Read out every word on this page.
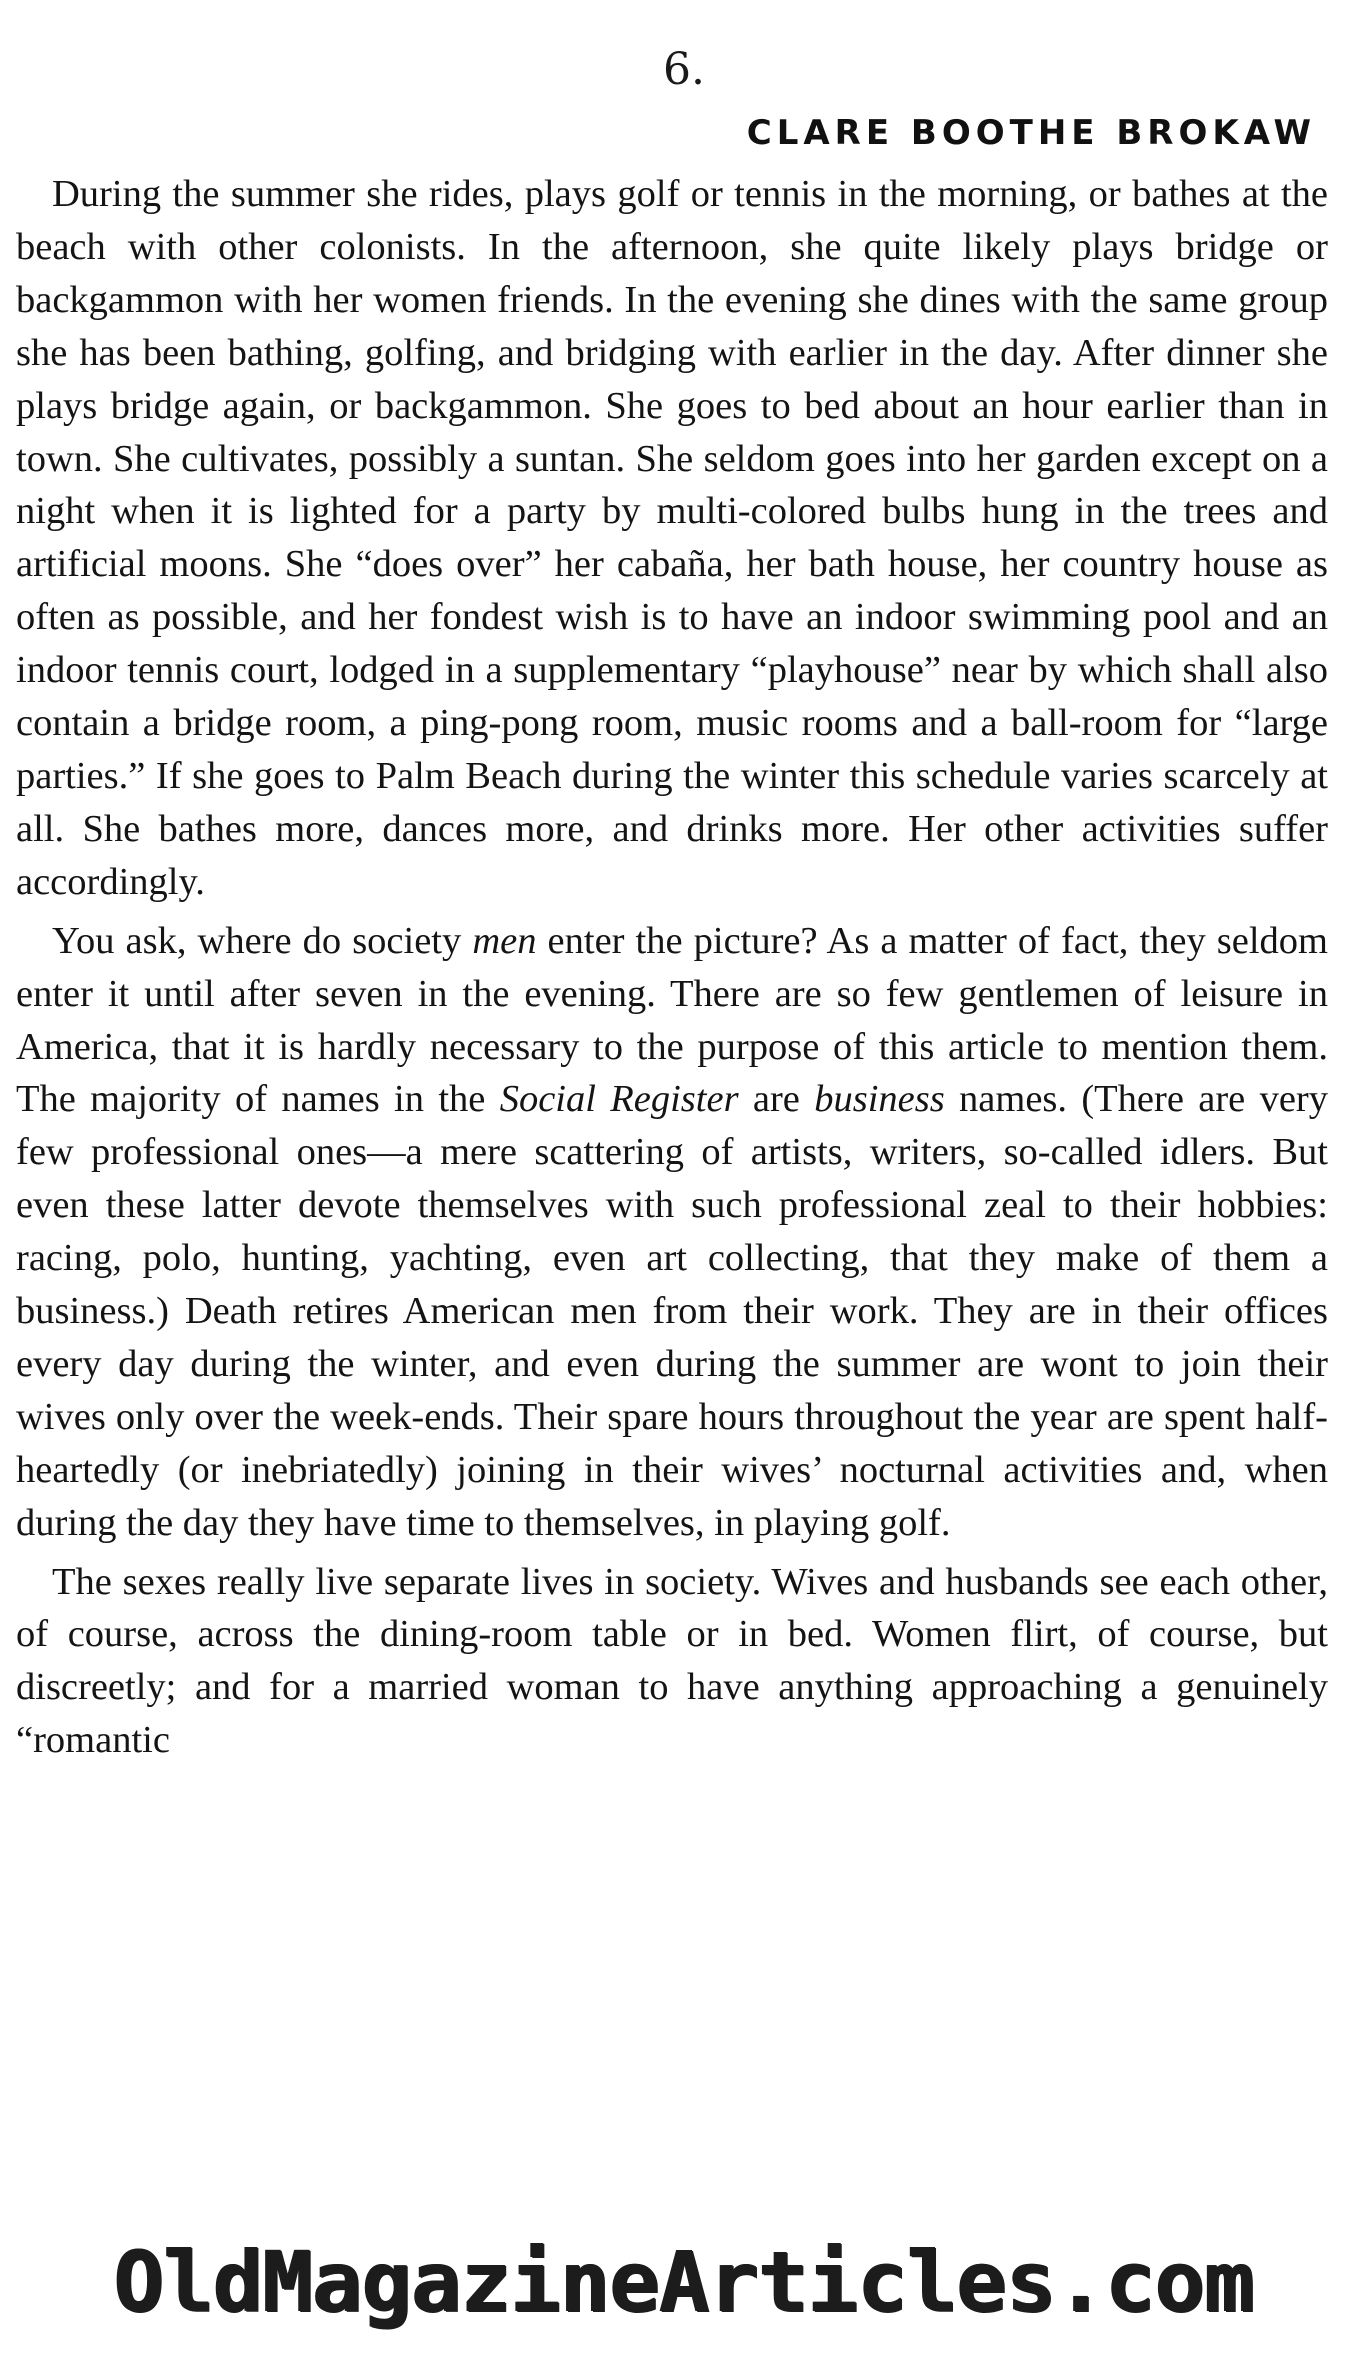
6.
CLARE BOOTHE BROKAW

During the summer she rides, plays golf or tennis in the morning, or bathes at the beach with other colonists. In the afternoon, she quite likely plays bridge or backgammon with her women friends. In the evening she dines with the same group she has been bathing, golfing, and bridging with earlier in the day. After dinner she plays bridge again, or backgammon. She goes to bed about an hour earlier than in town. She cultivates, possibly a suntan. She seldom goes into her garden except on a night when it is lighted for a party by multi-colored bulbs hung in the trees and artificial moons. She “does over” her cabaña, her bath house, her country house as often as possible, and her fondest wish is to have an indoor swimming pool and an indoor tennis court, lodged in a supplementary “playhouse” near by which shall also contain a bridge room, a ping-pong room, music rooms and a ball-room for “large parties.” If she goes to Palm Beach during the winter this schedule varies scarcely at all. She bathes more, dances more, and drinks more. Her other activities suffer accordingly.

You ask, where do society men enter the picture? As a matter of fact, they seldom enter it until after seven in the evening. There are so few gentlemen of leisure in America, that it is hardly necessary to the purpose of this article to mention them. The majority of names in the Social Register are business names. (There are very few professional ones—a mere scattering of artists, writers, so-called idlers. But even these latter devote themselves with such professional zeal to their hobbies: racing, polo, hunting, yachting, even art collecting, that they make of them a business.) Death retires American men from their work. They are in their offices every day during the winter, and even during the summer are wont to join their wives only over the week-ends. Their spare hours throughout the year are spent half-heartedly (or inebriatedly) joining in their wives’ nocturnal activities and, when during the day they have time to themselves, in playing golf.

The sexes really live separate lives in society. Wives and husbands see each other, of course, across the dining-room table or in bed. Women flirt, of course, but discreetly; and for a married woman to have anything approaching a genuinely “romantic

OldMagazineArticles.com
